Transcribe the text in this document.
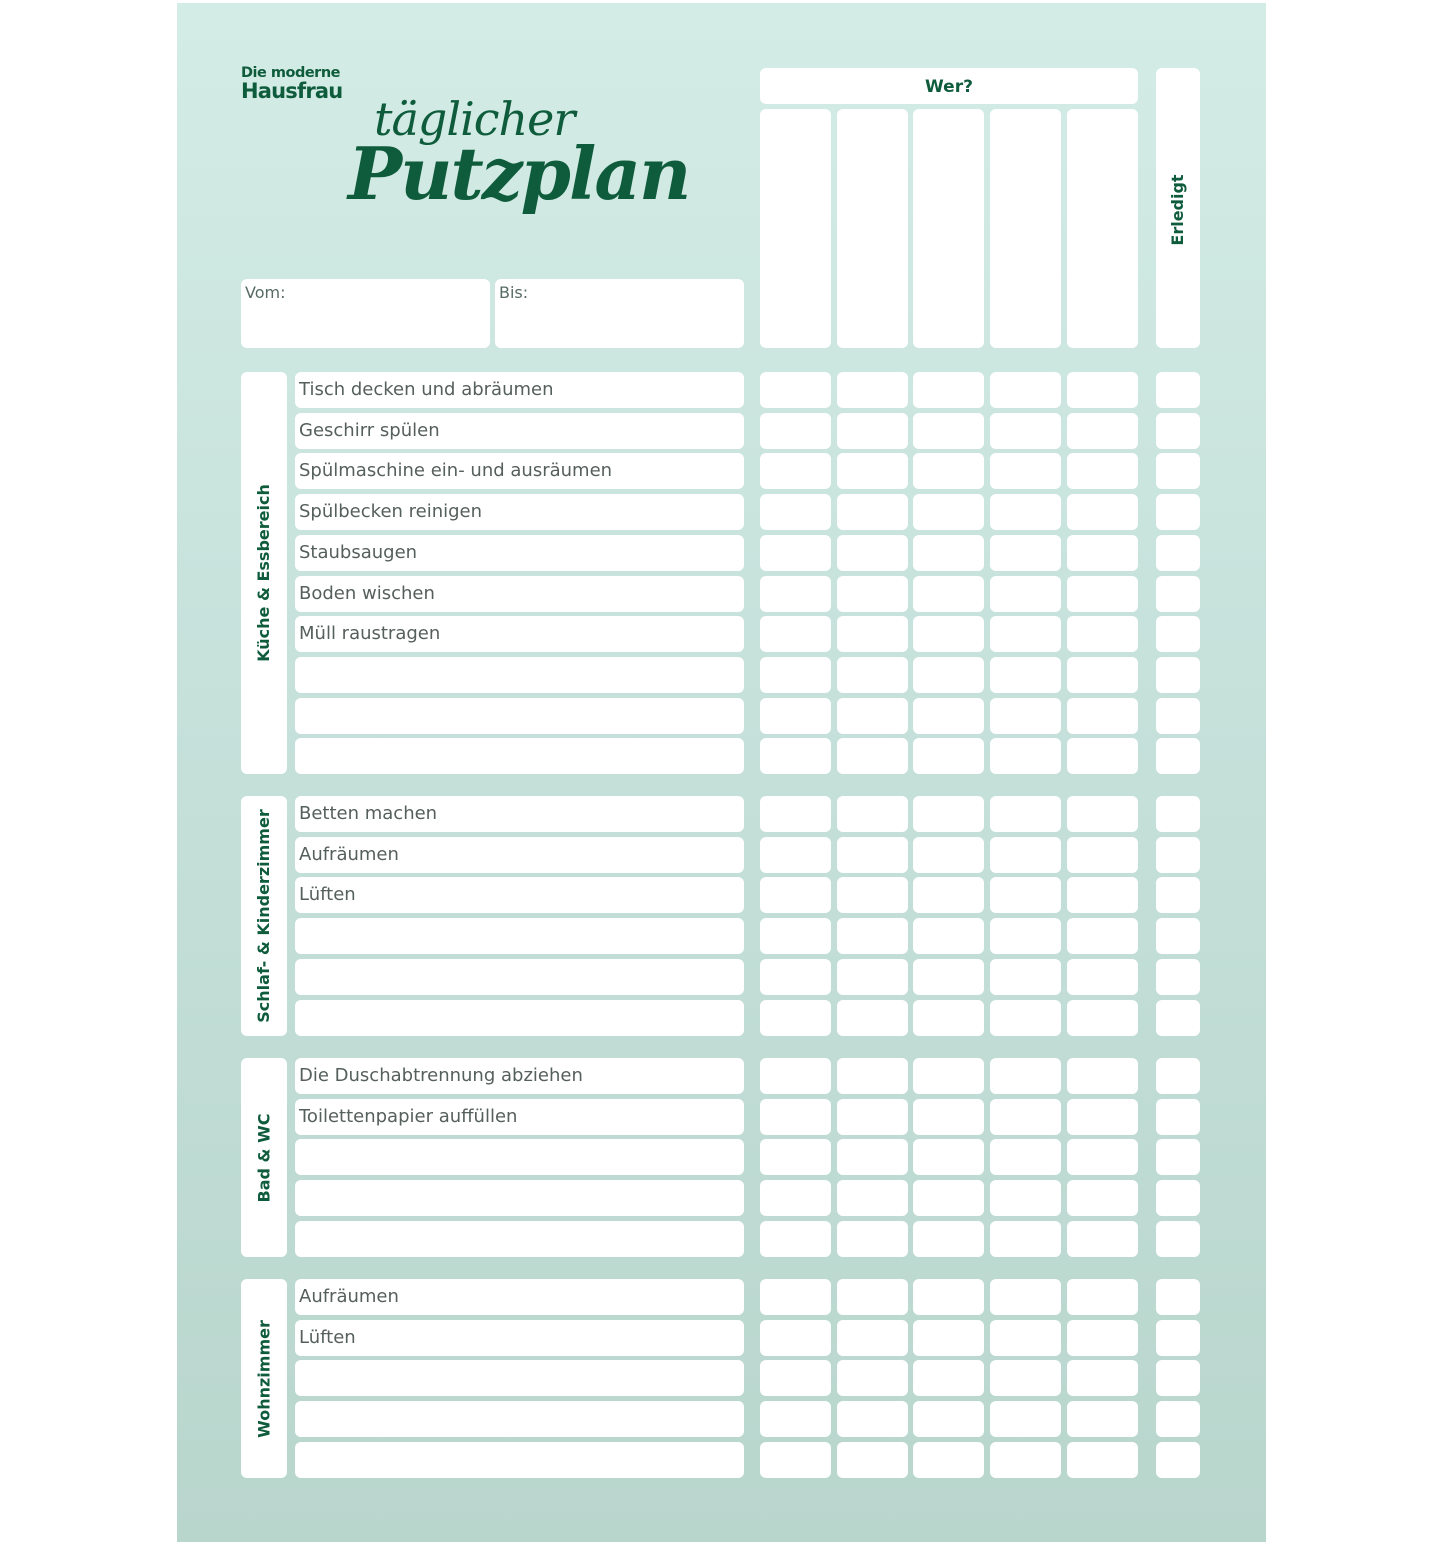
Die moderne
Hausfrau
täglicher
Putzplan
Vom:	Bis:
Wer?
Erledigt
Küche & Essbereich
Tisch decken und abräumen
Geschirr spülen
Spülmaschine ein- und ausräumen
Spülbecken reinigen
Staubsaugen
Boden wischen
Müll raustragen
Schlaf- & Kinderzimmer Betten machen
Aufräumen
Lüften
Bad & WC
Die Duschabtrennung abziehen
Toilettenpapier auffüllen
Wohnzimmer
Aufräumen
Lüften
